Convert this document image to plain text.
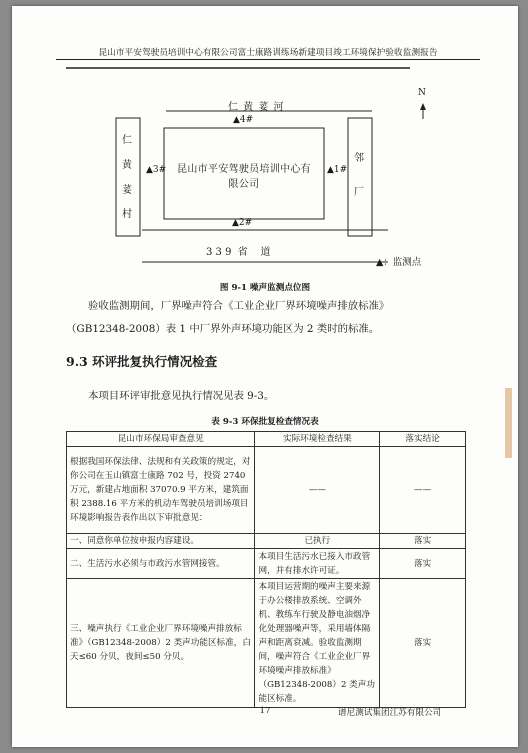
昆山市平安驾驶员培训中心有限公司富士康路训练场新建项目竣工环境保护验收监测报告
仁 黄 荽 河
▲4#
仁
黄
荽
村
▲3#	昆山市平安驾驶员培训中心有限公司
▲1#
邻
厂
N
▲2#
3 3 9  省    道
▲：监测点
图 9-1 噪声监测点位图
验收监测期间，厂界噪声符合《工业企业厂界环境噪声排放标准》
（GB12348-2008）表 1 中厂界外声环境功能区为 2 类时的标准。
9.3 环评批复执行情况检查
本项目环评审批意见执行情况见表 9-3。
表 9-3 环保批复检查情况表
昆山市环保局审查意见	实际环境检查结果	落实结论
根据我国环保法律、法规和有关政策的规定，对你公司在玉山镇富士康路 702 号，投资 2740 万元，新建占地面积 37070.9 平方米，建筑面积 2388.16 平方米的机动车驾驶员培训场项目环境影响报告表作出以下审批意见：	——	——
一、同意你单位按申报内容建设。	已执行	落实
二、生活污水必须与市政污水管网接管。	本项目生活污水已接入市政管网，并有排水许可证。	落实
三、噪声执行《工业企业厂界环境噪声排放标准》（GB12348-2008）2 类声功能区标准，白天≤60 分贝，夜间≤50 分贝。	本项目运营期的噪声主要来源于办公楼排放系统、空调外机、教练车行驶及静电油烟净化处理器噪声等，采用墙体隔声和距离衰减。验收监测期间，噪声符合《工业企业厂界环境噪声排放标准》（GB12348-2008）2 类声功能区标准。	落实
17	谱尼测试集团江苏有限公司
